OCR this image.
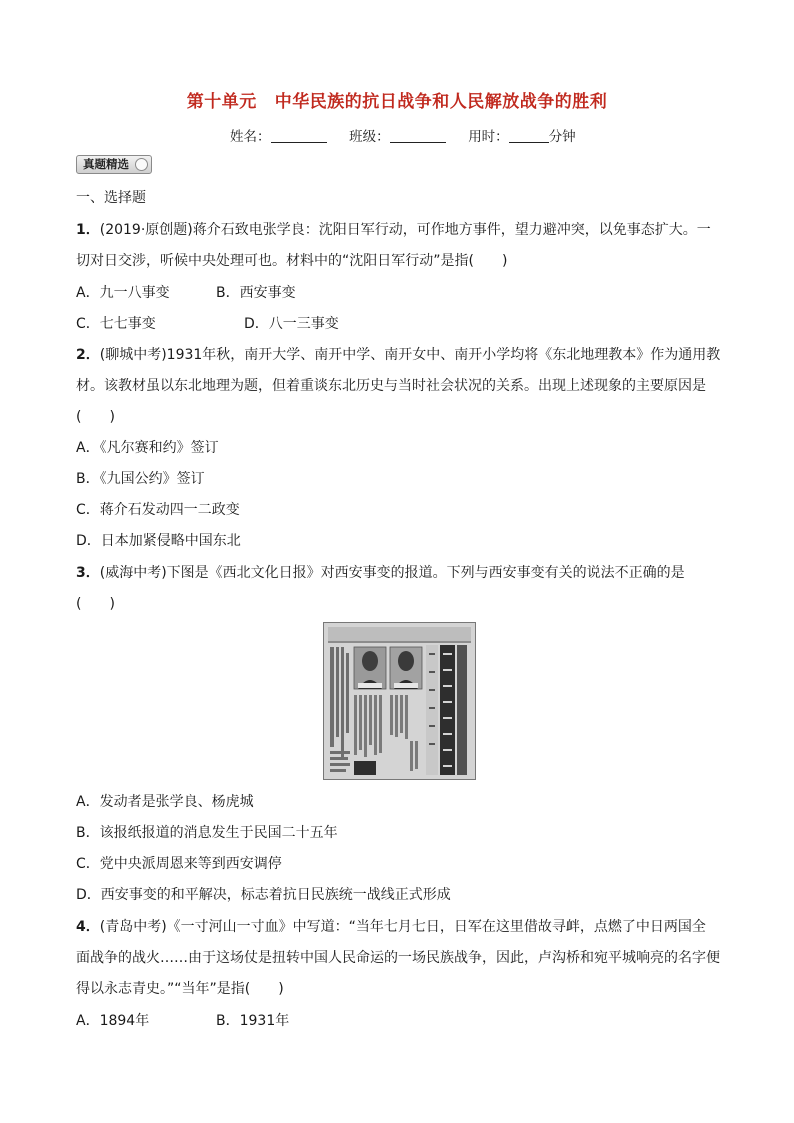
第十单元 中华民族的抗日战争和人民解放战争的胜利
姓名：	班级：	用时：	分钟
真题精选
一、选择题
1．(2019·原创题)蒋介石致电张学良：沈阳日军行动，可作地方事件，望力避冲突，以免事态扩大。一
切对日交涉，听候中央处理可也。材料中的“沈阳日军行动”是指(　　)
A．九一八事变	B．西安事变
C．七七事变	D．八一三事变
2．(聊城中考)1931年秋，南开大学、南开中学、南开女中、南开小学均将《东北地理教本》作为通用教
材。该教材虽以东北地理为题，但着重谈东北历史与当时社会状况的关系。出现上述现象的主要原因是
(　　)
A．《凡尔赛和约》签订
B．《九国公约》签订
C．蒋介石发动四一二政变
D．日本加紧侵略中国东北
3．(威海中考)下图是《西北文化日报》对西安事变的报道。下列与西安事变有关的说法不正确的是
(　　)
A．发动者是张学良、杨虎城
B．该报纸报道的消息发生于民国二十五年
C．党中央派周恩来等到西安调停
D．西安事变的和平解决，标志着抗日民族统一战线正式形成
4．(青岛中考)《一寸河山一寸血》中写道：“当年七月七日，日军在这里借故寻衅，点燃了中日两国全
面战争的战火……由于这场仗是扭转中国人民命运的一场民族战争，因此，卢沟桥和宛平城响亮的名字便
得以永志青史。”“当年”是指(　　)
A．1894年	B．1931年
